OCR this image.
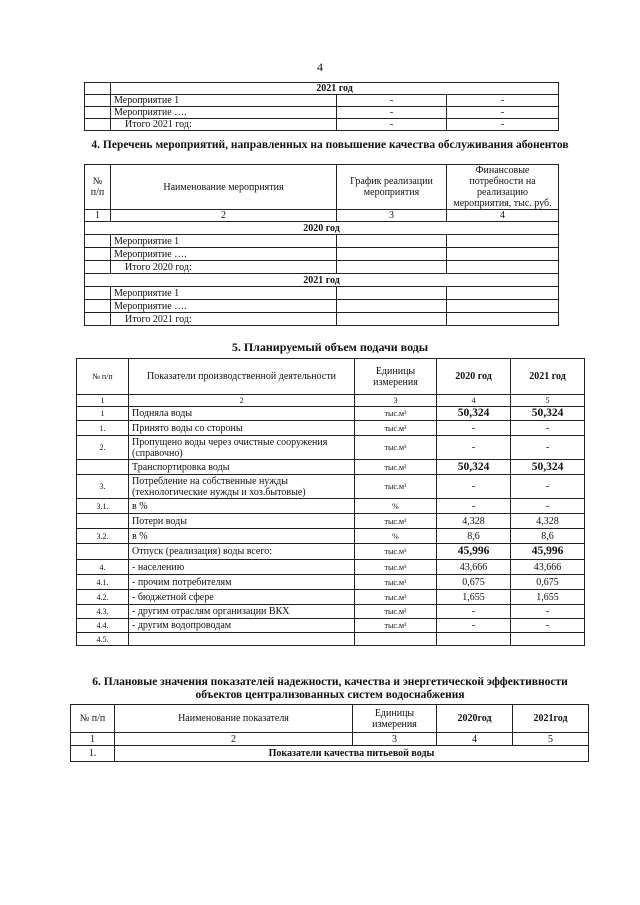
4
	2021 год		
	Мероприятие 1	-	-
	Мероприятие ….	-	-
	Итого 2021 год:	-	-
4. Перечень мероприятий, направленных на повышение качества обслуживания абонентов
№ п/п	Наименование мероприятия	График реализации мероприятия	Финансовые потребности на реализацию мероприятия, тыс. руб.
1	2	3	4
2020 год			
	Мероприятие 1		
	Мероприятие ….		
	Итого 2020 год:		
2021 год			
	Мероприятие 1		
	Мероприятие ….		
	Итого 2021 год:		
5. Планируемый объем подачи воды
№ п/п	Показатели производственной деятельности	Единицы измерения	2020 год	2021 год
1	2	3	4	5
1	Подняла воды	тыс.м³	50,324	50,324
1.	Принято воды со стороны	тыс.м³	-	-
2.	Пропущено воды через очистные сооружения (справочно)	тыс.м³	-	-
	Транспортировка воды	тыс.м³	50,324	50,324
3.	Потребление на собственные нужды (технологические нужды и хоз.бытовые)	тыс.м³	-	-
3.1.	в %	%	-	-
	Потери воды	тыс.м³	4,328	4,328
3.2.	в %	%	8,6	8,6
	Отпуск (реализация) воды всего:	тыс.м³	45,996	45,996
4.	- населению	тыс.м³	43,666	43,666
4.1.	- прочим потребителям	тыс.м³	0,675	0,675
4.2.	- бюджетной сфере	тыс.м³	1,655	1,655
4.3.	- другим отраслям организации ВКХ	тыс.м³	-	-
4.4.	- другим водопроводам	тыс.м³	-	-
4.5.				
6. Плановые значения показателей надежности, качества и энергетической эффективности объектов централизованных систем водоснабжения
№ п/п	Наименование показателя	Единицы измерения	2020год	2021год
1	2	3	4	5
1.	Показатели качества питьевой воды			
